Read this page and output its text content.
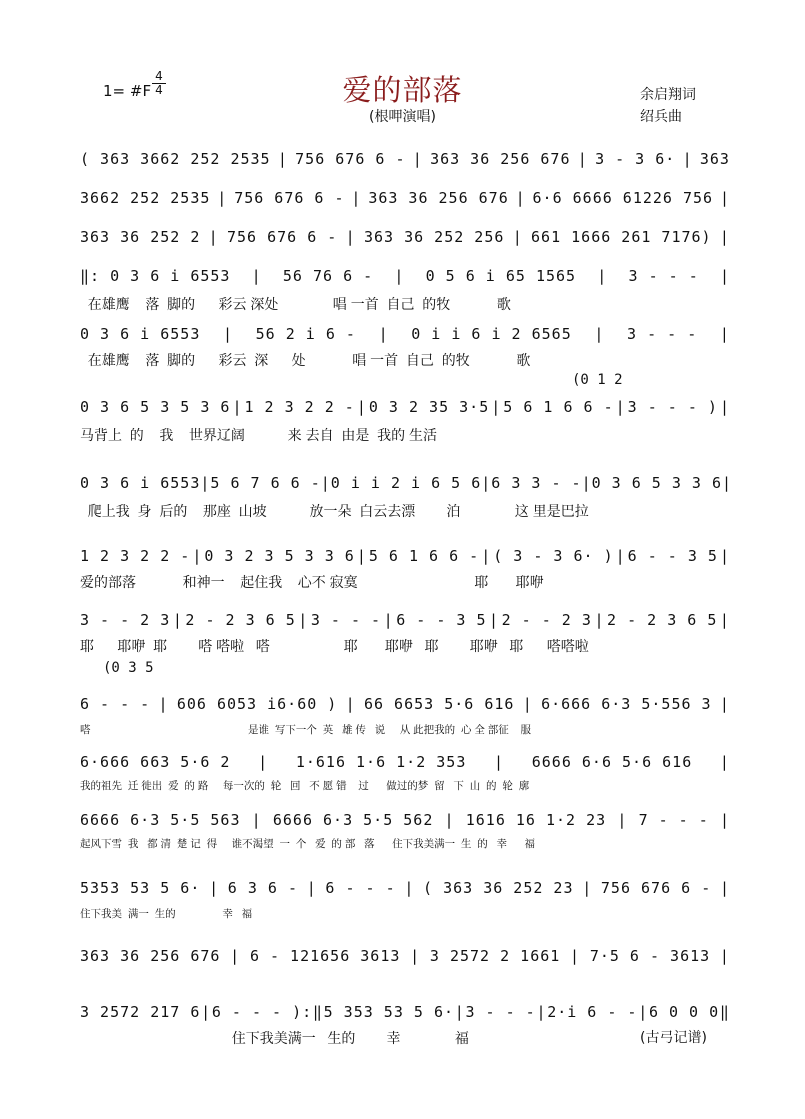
1= #F
4
4	爱的部落
(根呷演唱)
余启翔词
绍兵曲
(0 1 2
(0 3 5
( 363 3662 252 2535 | 756 676 6 - | 363 36 256 676 | 3 - 3 6· | 363
3662 252 2535 | 756 676 6 - | 363 36 256 676 | 6·6 6666 61226 756 |
363 36 252 2 | 756 676 6 - | 363 36 252 256 | 661 1666 261 7176) |
‖: 0 3 6 i 6553 | 56 76 6 - | 0 5 6 i 65 1565 | 3 - - - |
在雄鹰    落  脚的      彩云 深处              唱 一首  自己  的牧            歌
0 3 6 i 6553 | 56 2 i 6 - | 0 i i 6 i 2 6565 | 3 - - - |
在雄鹰    落  脚的      彩云  深      处            唱 一首  自己  的牧            歌
0 3 6 5 3 5 3 6 | 1 2 3 2 2 - | 0 3 2 35 3·5 | 5 6 1 6 6 - | 3 - - - ) |
马背上  的    我    世界辽阔           来 去自  由是  我的 生活
0 3 6 i 6553 | 5 6 7 6 6 - | 0 i i 2 i 6 5 6 | 6 3 3 - - | 0 3 6 5 3 3 6 |
爬上我  身  后的    那座  山坡           放一朵  白云去漂        泊              这 里是巴拉
1 2 3 2 2 - | 0 3 2 3 5 3 3 6 | 5 6 1 6 6 - | ( 3 - 3 6· ) | 6 - - 3 5 |
爱的部落            和神一    起住我    心不 寂寞                              耶       耶咿
3 - - 2 3 | 2 - 2 3 6 5 | 3 - - - | 6 - - 3 5 | 2 - - 2 3 | 2 - 2 3 6 5 |
耶      耶咿  耶        嗒 嗒啦   嗒                   耶       耶咿   耶        耶咿   耶      嗒嗒啦
6 - - - | 606 6053 i6·60 ) | 66 6653 5·6 616 | 6·666 6·3 5·556 3 |
嗒                                                      是谁  写下一个  英   雄 传   说     从 此把我的  心 全 部征    服
6·666 663 5·6 2 | 1·616 1·6 1·2 353 | 6666 6·6 5·6 616 |
我的祖先  迁 徙出  爱  的 路     每一次的  轮   回   不 愿 错    过      做过的梦  留   下  山  的  轮  廓
6666 6·3 5·5 563 | 6666 6·3 5·5 562 | 1616 16 1·2 23 | 7 - - - |
起风下雪  我   都 清  楚 记  得     谁不渴望  一  个   爱  的 部   落      住下我美满一  生  的   幸      福
5353 53 5 6· | 6 3 6 - | 6 - - - | ( 363 36 252 23 | 756 676 6 - |
住下我美  满一  生的                幸   福
363 36 256 676 | 6 - 121656 3613 | 3 2572 2 1661 | 7·5 6 - 3613 |
3 2572 217 6 | 6 - - - ): ‖ 5 353 53 5 6· | 3 - - - | 2·i 6 - - | 6 0 0 0 ‖
住下我美满一   生的        幸              福	(古弓记谱)
